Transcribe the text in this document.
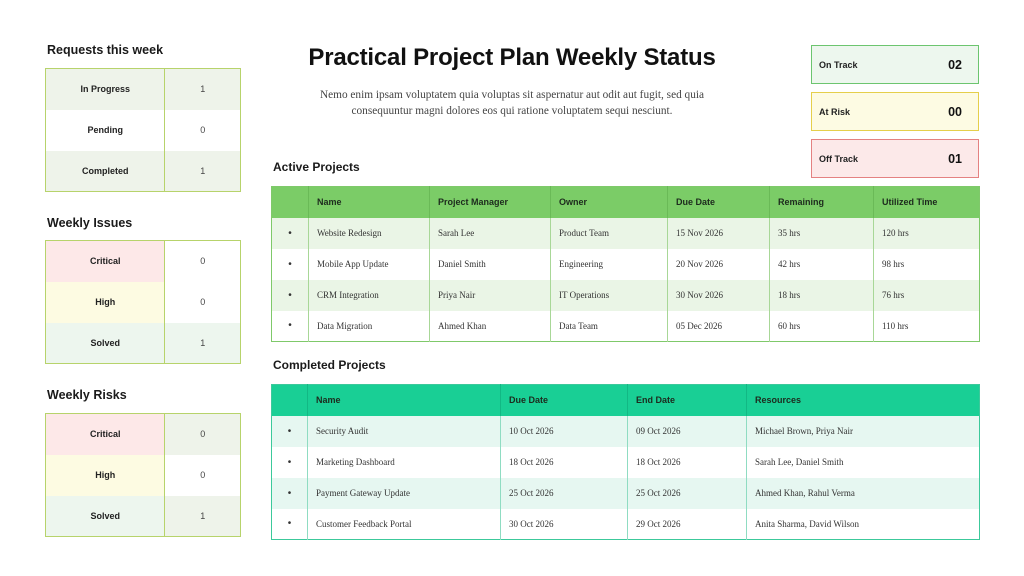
Requests this week
In Progress	1
Pending	0
Completed	1
Weekly Issues
Critical	0
High	0
Solved	1
Weekly Risks
Critical	0
High	0
Solved	1
Practical Project Plan Weekly Status
Nemo enim ipsam voluptatem quia voluptas sit aspernatur aut odit aut fugit, sed quia consequuntur magni dolores eos qui ratione voluptatem sequi nesciunt.
On Track	02
At Risk	00
Off Track	01
Active Projects
	Name	Project Manager	Owner	Due Date	Remaining	Utilized Time
•	Website Redesign	Sarah Lee	Product Team	15 Nov 2026	35 hrs	120 hrs
•	Mobile App Update	Daniel Smith	Engineering	20 Nov 2026	42 hrs	98 hrs
•	CRM Integration	Priya Nair	IT Operations	30 Nov 2026	18 hrs	76 hrs
•	Data Migration	Ahmed Khan	Data Team	05 Dec 2026	60 hrs	110 hrs
Completed Projects
	Name	Due Date	End Date	Resources
•	Security Audit	10 Oct 2026	09 Oct 2026	Michael Brown, Priya Nair
•	Marketing Dashboard	18 Oct 2026	18 Oct 2026	Sarah Lee, Daniel Smith
•	Payment Gateway Update	25 Oct 2026	25 Oct 2026	Ahmed Khan, Rahul Verma
•	Customer Feedback Portal	30 Oct 2026	29 Oct 2026	Anita Sharma, David Wilson
